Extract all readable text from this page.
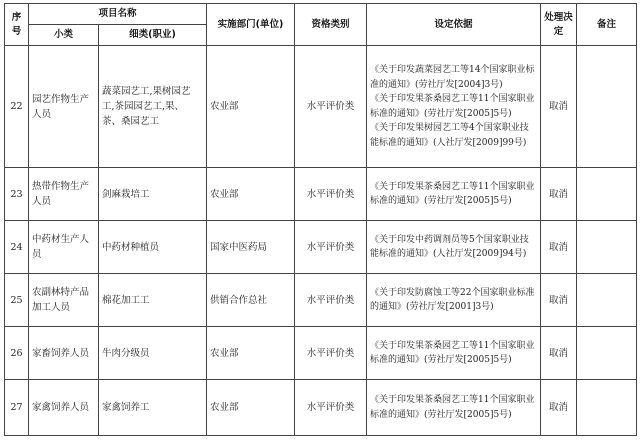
序号	项目名称		实施部门(单位)	资格类别	设定依据	处理决定	备注
	小类	细类(职业)					
22	园艺作物生产人员	蔬菜园艺工,果树园艺工,茶园园艺工,果、茶、桑园艺工	农业部	水平评价类	《关于印发蔬菜园艺工等14个国家职业标准的通知》(劳社厅发[2004]3号)
《关于印发果茶桑园艺工等11个国家职业标准的通知》(劳社厅发[2005]5号)
《关于印发果树园艺工等4个国家职业技能标准的通知》(人社厅发[2009]99号)	取消	
23	热带作物生产人员	剑麻栽培工	农业部	水平评价类	《关于印发果茶桑园艺工等11个国家职业标准的通知》(劳社厅发[2005]5号)	取消	
24	中药材生产人员	中药材种植员	国家中医药局	水平评价类	《关于印发中药调剂员等5个国家职业技能标准的通知》(人社厅发[2009]94号)	取消	
25	农副林特产品加工人员	棉花加工工	供销合作总社	水平评价类	《关于印发防腐蚀工等22个国家职业标准的通知》(劳社厅发[2001]3号)	取消	
26	家畜饲养人员	牛肉分级员	农业部	水平评价类	《关于印发果茶桑园艺工等11个国家职业标准的通知》(劳社厅发[2005]5号)	取消	
27	家禽饲养人员	家禽饲养工	农业部	水平评价类	《关于印发果茶桑园艺工等11个国家职业标准的通知》(劳社厅发[2005]5号)	取消	
